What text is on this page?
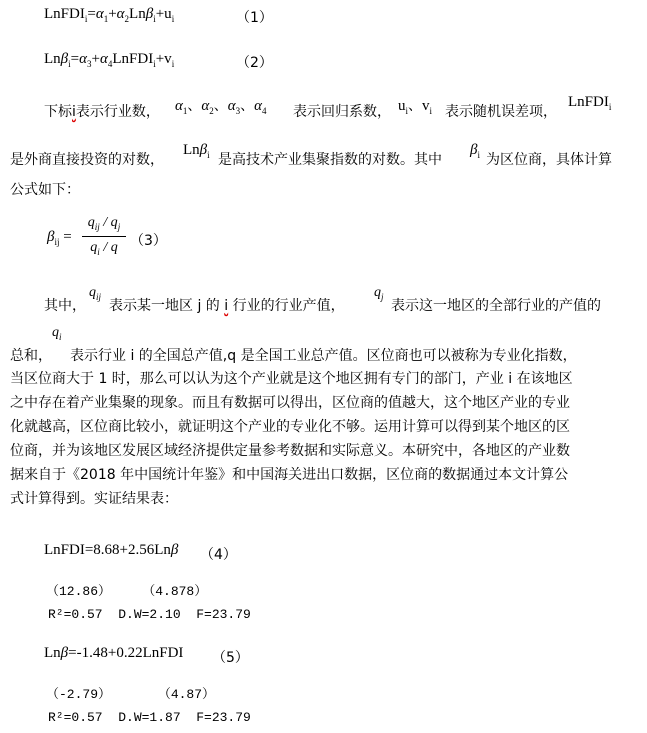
$LnFDI_i=\alpha_1+\alpha_2Ln\beta_i+u_i$	（1）
$Ln\beta_i=\alpha_3+\alpha_4LnFDI_i+v_i$	（2）
下标i表示行业数， $\alpha_1$、$\alpha_2$、$\alpha_3$、$\alpha_4$ 表示回归系数， $u_i$、$v_i$ 表示随机误差项，
LnFDI$_i$
是外商直接投资的对数，
Lnβ$_i$ 是高技术产业集聚指数的对数。其中
$\beta_i$ 为区位商，具体计算
公式如下：
$\beta_{ij}$ =
$q_{ij} / q_j$
$q_i$ / q （3）
其中，
$q_{ij}$
表示某一地区 j 的 i 行业的行业产值，
$q_j$
表示这一地区的全部行业的产值的
$q_i$
总和， 表示行业 i 的全国总产值,q 是全国工业总产值。区位商也可以被称为专业化指数，
当区位商大于 1 时，那么可以认为这个产业就是这个地区拥有专门的部门，产业 i 在该地区
之中存在着产业集聚的现象。而且有数据可以得出，区位商的值越大，这个地区产业的专业
化就越高，区位商比较小，就证明这个产业的专业化不够。运用计算可以得到某个地区的区
位商，并为该地区发展区域经济提供定量参考数据和实际意义。本研究中，各地区的产业数
据来自于《2018 年中国统计年鉴》和中国海关进出口数据，区位商的数据通过本文计算公
式计算得到。实证结果表：
LnFDI=8.68+2.56Lnβ （4）
（12.86）    （4.878）
R²=0.57  D.W=2.10  F=23.79
Lnβ=-1.48+0.22LnFDI （5）
（-2.79）      （4.87）
R²=0.57  D.W=1.87  F=23.79
